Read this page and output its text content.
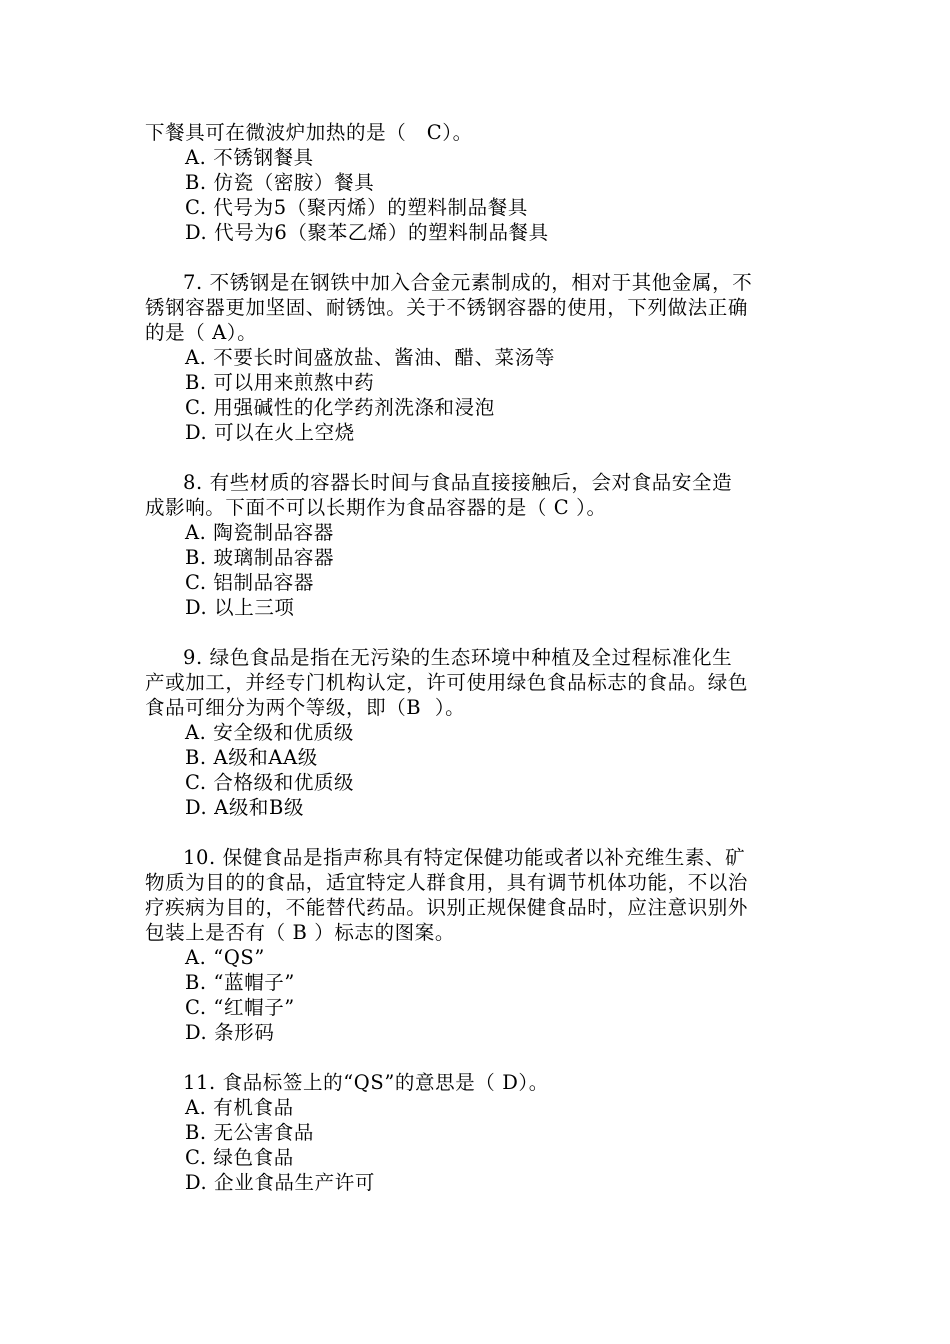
下餐具可在微波炉加热的是（   C）。
A. 不锈钢餐具
B. 仿瓷（密胺）餐具
C. 代号为5（聚丙烯）的塑料制品餐具
D. 代号为6（聚苯乙烯）的塑料制品餐具
7. 不锈钢是在钢铁中加入合金元素制成的，相对于其他金属，不
锈钢容器更加坚固、耐锈蚀。关于不锈钢容器的使用，下列做法正确
的是（ A）。
A. 不要长时间盛放盐、酱油、醋、菜汤等
B. 可以用来煎熬中药
C. 用强碱性的化学药剂洗涤和浸泡
D. 可以在火上空烧
8. 有些材质的容器长时间与食品直接接触后，会对食品安全造
成影响。下面不可以长期作为食品容器的是（ C ）。
A. 陶瓷制品容器
B. 玻璃制品容器
C. 铝制品容器
D. 以上三项
9. 绿色食品是指在无污染的生态环境中种植及全过程标准化生
产或加工，并经专门机构认定，许可使用绿色食品标志的食品。绿色
食品可细分为两个等级，即（B  ）。
A. 安全级和优质级
B. A级和AA级
C. 合格级和优质级
D. A级和B级
10. 保健食品是指声称具有特定保健功能或者以补充维生素、矿
物质为目的的食品，适宜特定人群食用，具有调节机体功能，不以治
疗疾病为目的，不能替代药品。识别正规保健食品时，应注意识别外
包装上是否有（ B ）标志的图案。
A. “QS”
B. “蓝帽子”
C. “红帽子”
D. 条形码
11. 食品标签上的“QS”的意思是（ D）。
A. 有机食品
B. 无公害食品
C. 绿色食品
D. 企业食品生产许可
